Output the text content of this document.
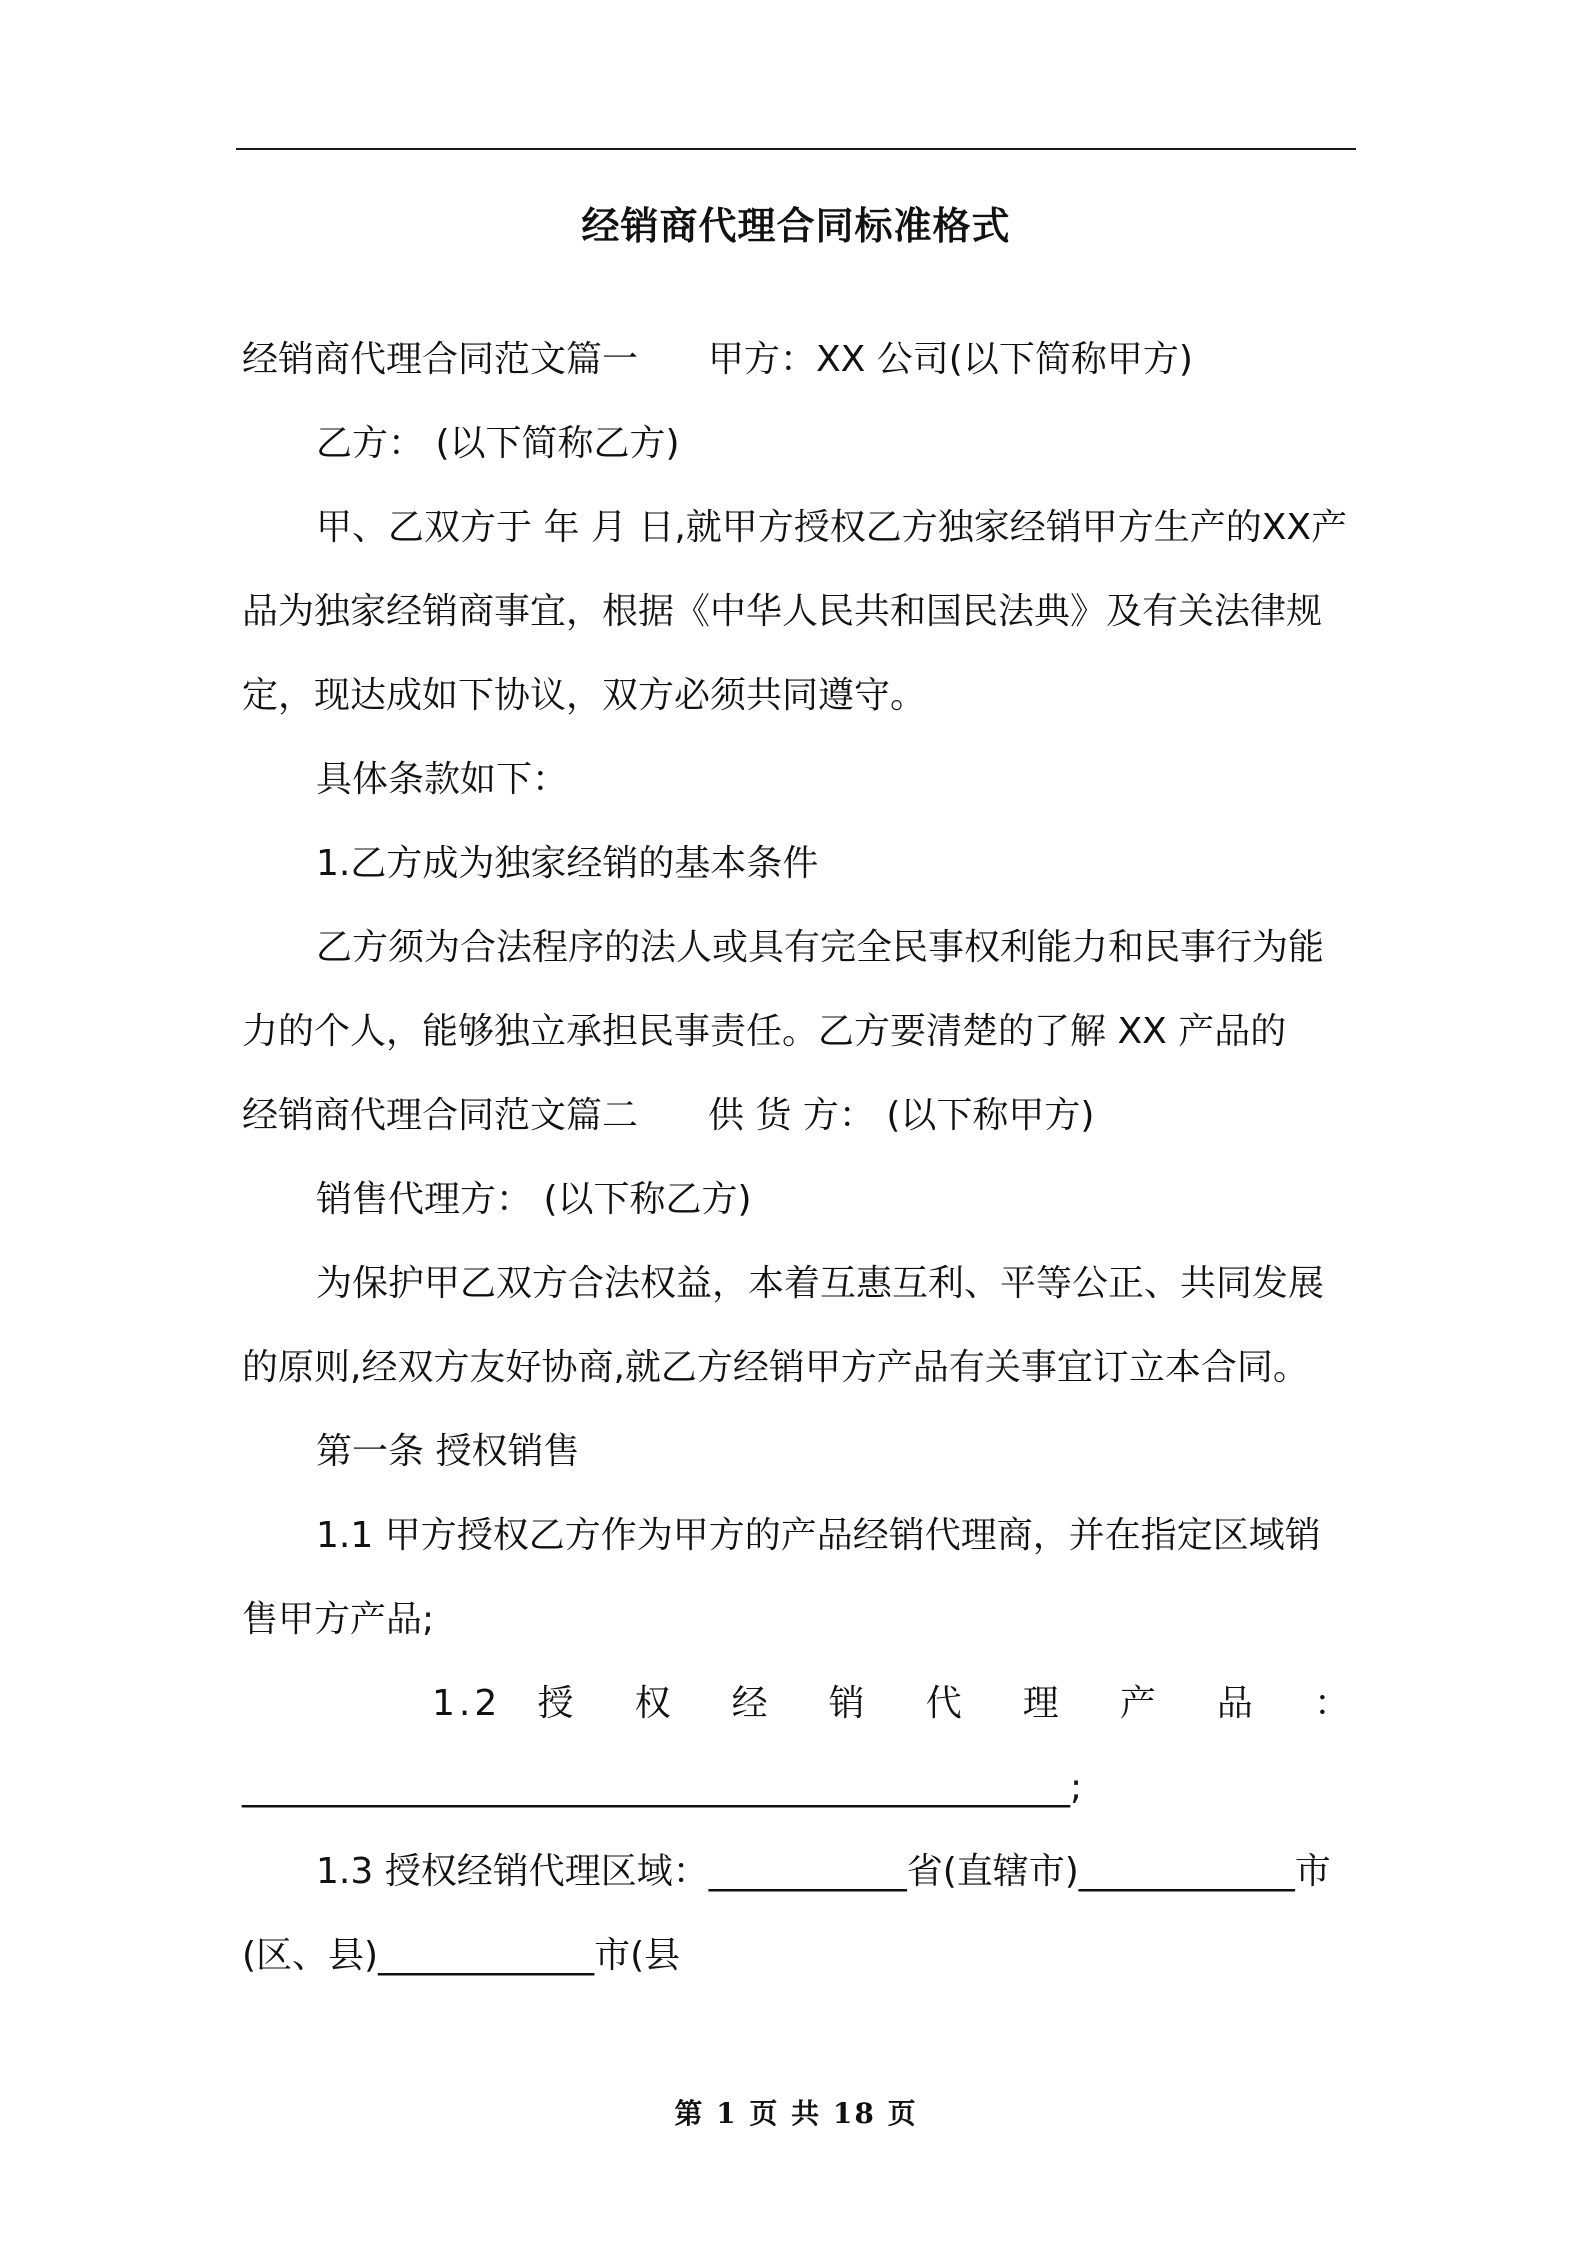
经销商代理合同标准格式

经销商代理合同范文篇一 甲方：XX 公司(以下简称甲方)

乙方： (以下简称乙方)

甲、乙双方于 年 月 日,就甲方授权乙方独家经销甲方生产的XX产品为独家经销商事宜，根据《中华人民共和国民法典》及有关法律规定，现达成如下协议，双方必须共同遵守。

具体条款如下：

1.乙方成为独家经销的基本条件

乙方须为合法程序的法人或具有完全民事权利能力和民事行为能力的个人，能够独立承担民事责任。乙方要清楚的了解 XX 产品的

经销商代理合同范文篇二 供 货 方： (以下称甲方)

销售代理方： (以下称乙方)

为保护甲乙双方合法权益，本着互惠互利、平等公正、共同发展的原则,经双方友好协商,就乙方经销甲方产品有关事宜订立本合同。

第一条 授权销售

1.1 甲方授权乙方作为甲方的产品经销代理商，并在指定区域销售甲方产品;

1.2 授 权 经 销 代 理 产 品 ：

______________________________________________;

1.3 授权经销代理区域：___________省(直辖市)____________市(区、县)____________市(县

第 1 页 共 18 页
